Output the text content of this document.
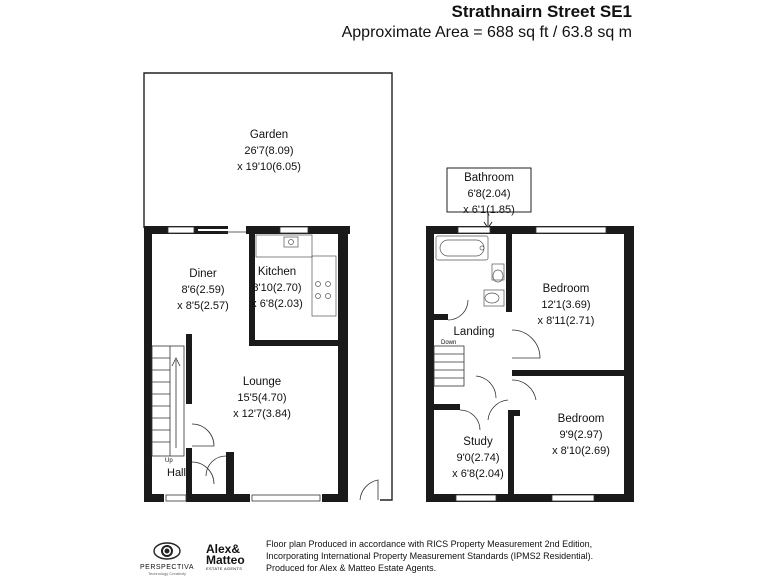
Strathnairn Street SE1
Approximate Area = 688 sq ft / 63.8 sq m
Garden
26'7(8.09)
x 19'10(6.05)
Diner
8'6(2.59)
x 8'5(2.57)
Kitchen
8'10(2.70)
x 6'8(2.03)
Lounge
15'5(4.70)
x 12'7(3.84)
Hall
Up
Bathroom
6'8(2.04)
x 6'1(1.85)
Bedroom
12'1(3.69)
x 8'11(2.71)
Landing
Down
Bedroom
9'9(2.97)
x 8'10(2.69)
Study
9'0(2.74)
x 6'8(2.04)
PERSPECTIVA
Technology Creativity
Alex&
Matteo
ESTATE AGENTS
Floor plan Produced in accordance with RICS Property Measurement 2nd Edition,
Incorporating International Property Measurement Standards (IPMS2 Residential).
Produced for Alex & Matteo Estate Agents.
